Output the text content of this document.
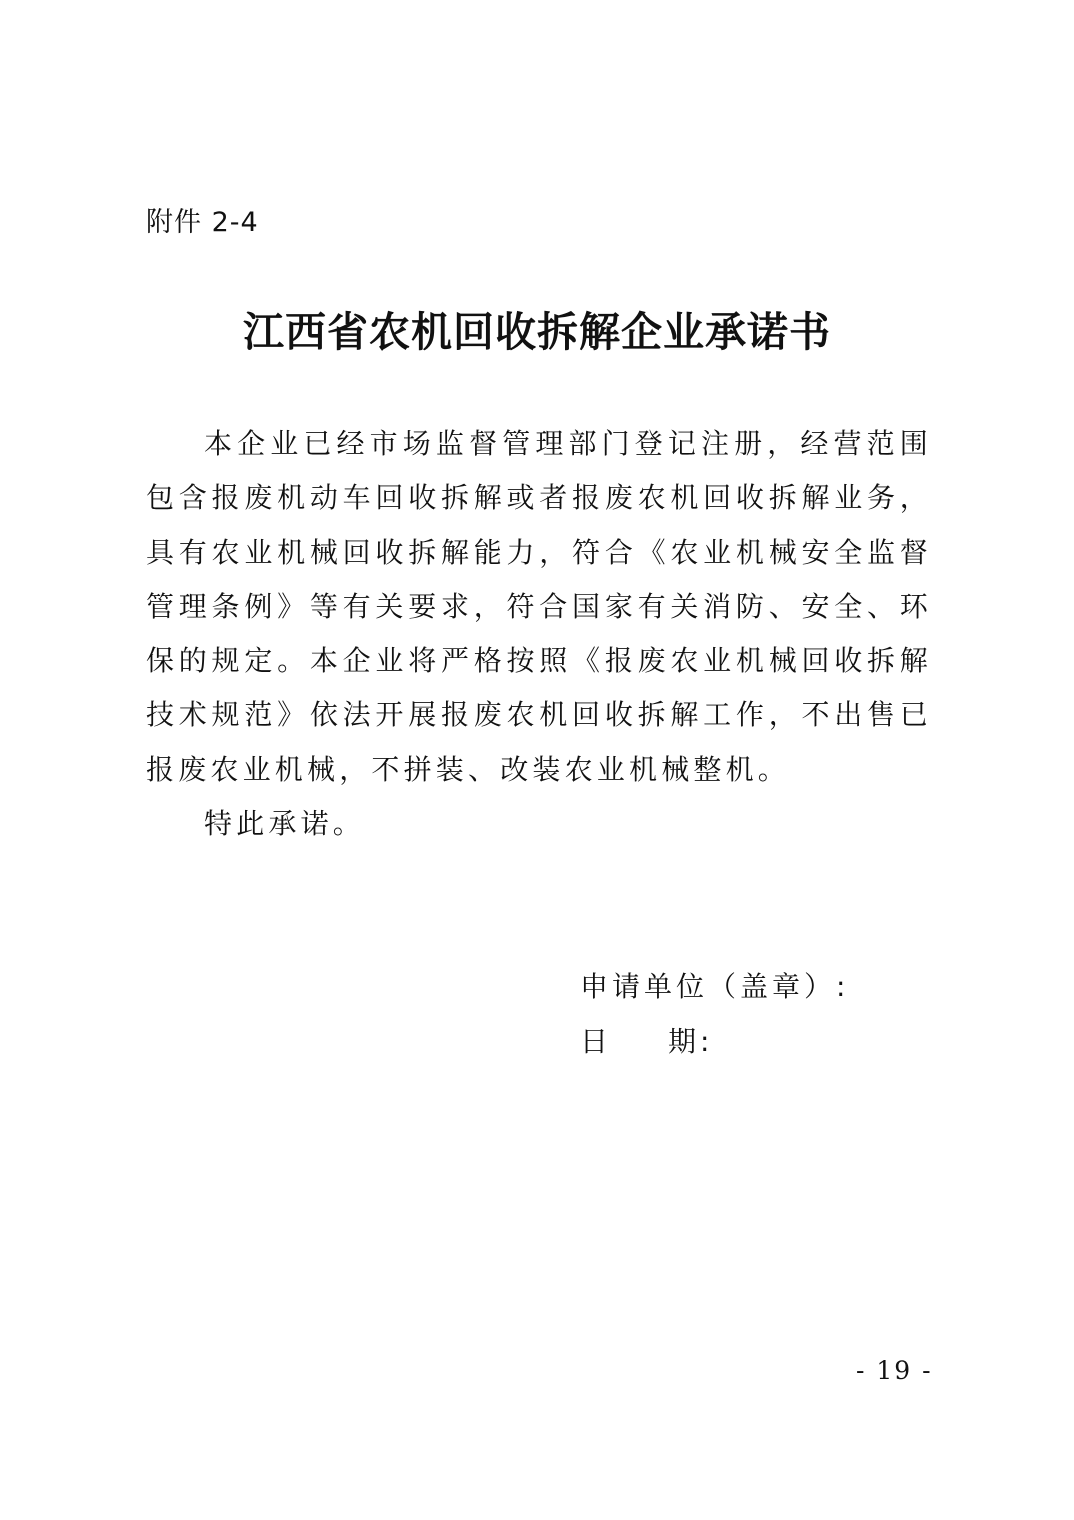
附件 2-4
江西省农机回收拆解企业承诺书

本企业已经市场监督管理部门登记注册，经营范围包含报废机动车回收拆解或者报废农机回收拆解业务，具有农业机械回收拆解能力，符合《农业机械安全监督管理条例》等有关要求，符合国家有关消防、安全、环保的规定。本企业将严格按照《报废农业机械回收拆解技术规范》依法开展报废农机回收拆解工作，不出售已报废农业机械，不拼装、改装农业机械整机。

特此承诺。
申请单位（盖章）:
日 期:
- 19 -
